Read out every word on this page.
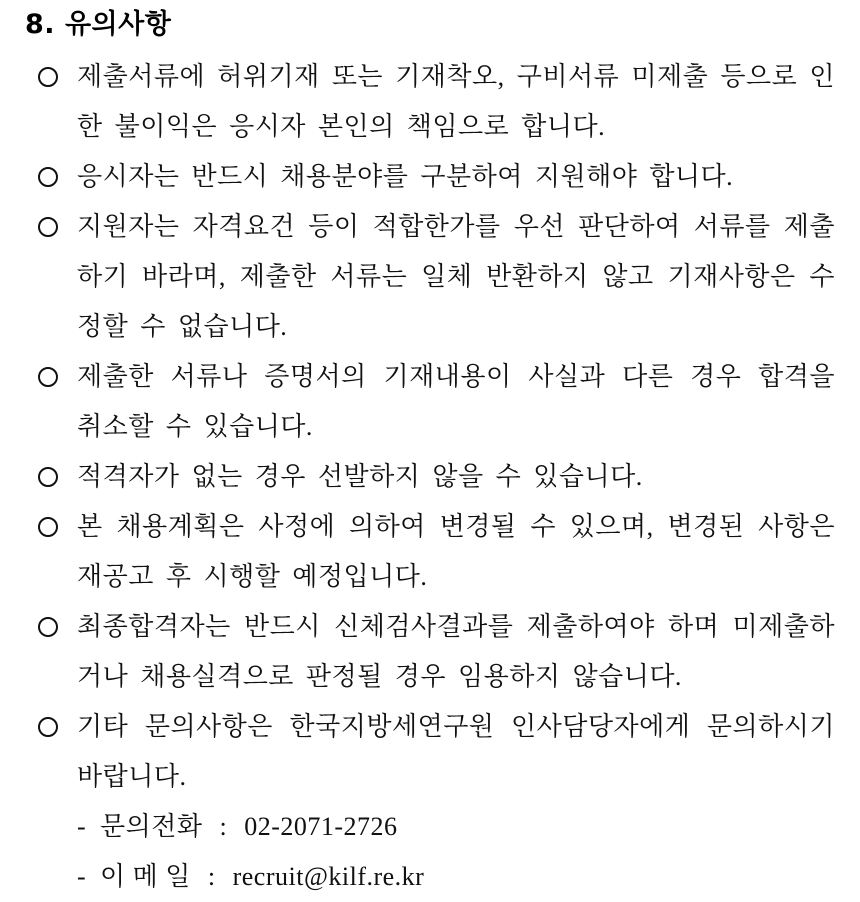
8. 유의사항
제출서류에 허위기재 또는 기재착오, 구비서류 미제출 등으로 인한 불이익은 응시자 본인의 책임으로 합니다.
응시자는 반드시 채용분야를 구분하여 지원해야 합니다.
지원자는 자격요건 등이 적합한가를 우선 판단하여 서류를 제출하기 바라며, 제출한 서류는 일체 반환하지 않고 기재사항은 수정할 수 없습니다.
제출한 서류나 증명서의 기재내용이 사실과 다른 경우 합격을 취소할 수 있습니다.
적격자가 없는 경우 선발하지 않을 수 있습니다.
본 채용계획은 사정에 의하여 변경될 수 있으며, 변경된 사항은 재공고 후 시행할 예정입니다.
최종합격자는 반드시 신체검사결과를 제출하여야 하며 미제출하거나 채용실격으로 판정될 경우 임용하지 않습니다.
기타 문의사항은 한국지방세연구원 인사담당자에게 문의하시기 바랍니다.
- 문의전화 : 02-2071-2726
- 이 메 일 : recruit@kilf.re.kr
